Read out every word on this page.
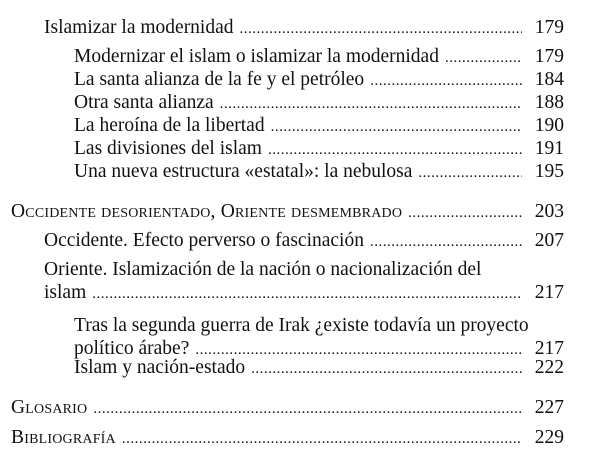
Islamizar la modernidad .....	179
Modernizar el islam o islamizar la modernidad .....	179
La santa alianza de la fe y el petróleo .....	184
Otra santa alianza .....	188
La heroína de la libertad .....	190
Las divisiones del islam .....	191
Una nueva estructura «estatal»: la nebulosa .....	195
Occidente desorientado, Oriente desmembrado .....	203
Occidente. Efecto perverso o fascinación .....	207
Oriente. Islamización de la nación o nacionalización del
islam .....	217
Tras la segunda guerra de Irak ¿existe todavía un proyecto
político árabe? .....	217
Islam y nación-estado .....	222
Glosario .....	227
Bibliografía .....	229
